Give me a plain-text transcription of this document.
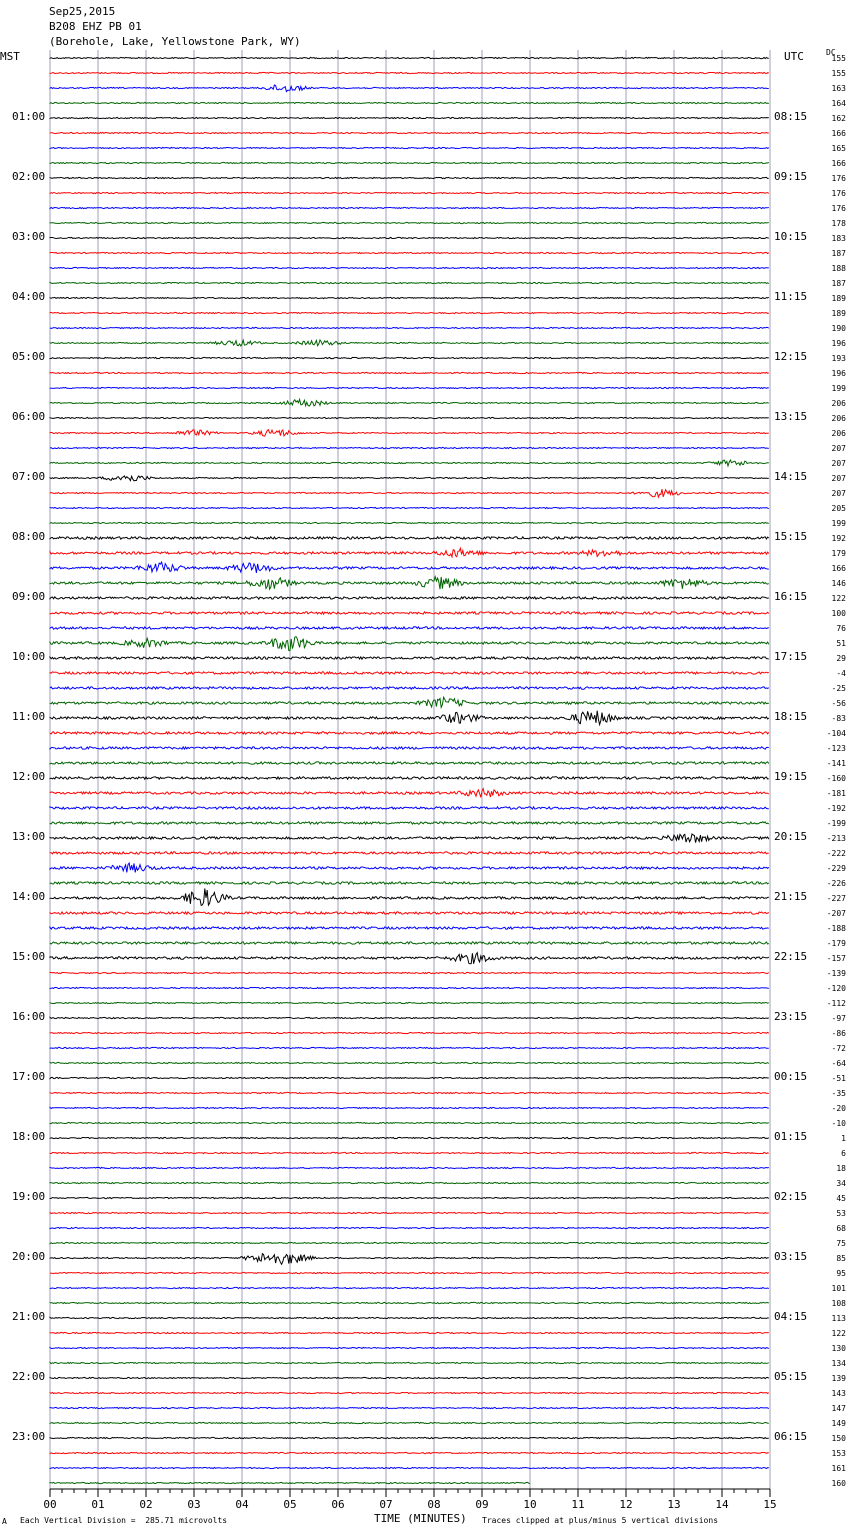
Sep25,2015
B208 EHZ PB 01
(Borehole, Lake, Yellowstone Park, WY)
MST	UTC	DC
01:00
02:00
03:00
04:00
05:00
06:00
07:00
08:00
09:00
10:00
11:00
12:00
13:00
14:00
15:00
16:00
17:00
18:00
19:00
20:00
21:00
22:00
23:00
08:15
09:15
10:15
11:15
12:15
13:15
14:15
15:15
16:15
17:15
18:15
19:15
20:15
21:15
22:15
23:15
00:15
01:15
02:15
03:15
04:15
05:15
06:15
155
155
163
164
162
166
165
166
176
176
176
178
183
187
188
187
189
189
190
196
193
196
199
206
206
206
207
207
207
207
205
199
192
179
166
146
122
100
76
51
29
-4
-25
-56
-83
-104
-123
-141
-160
-181
-192
-199
-213
-222
-229
-226
-227
-207
-188
-179
-157
-139
-120
-112
-97
-86
-72
-64
-51
-35
-20
-10
1
6
18
34
45
53
68
75
85
95
101
108
113
122
130
134
139
143
147
149
150
153
161
160
00	01	02	03	04	05	06	07	08	09	10	11	12	13	14	15
A Each Vertical Division =  285.71 microvolts	TIME (MINUTES) Traces clipped at plus/minus 5 vertical divisions
